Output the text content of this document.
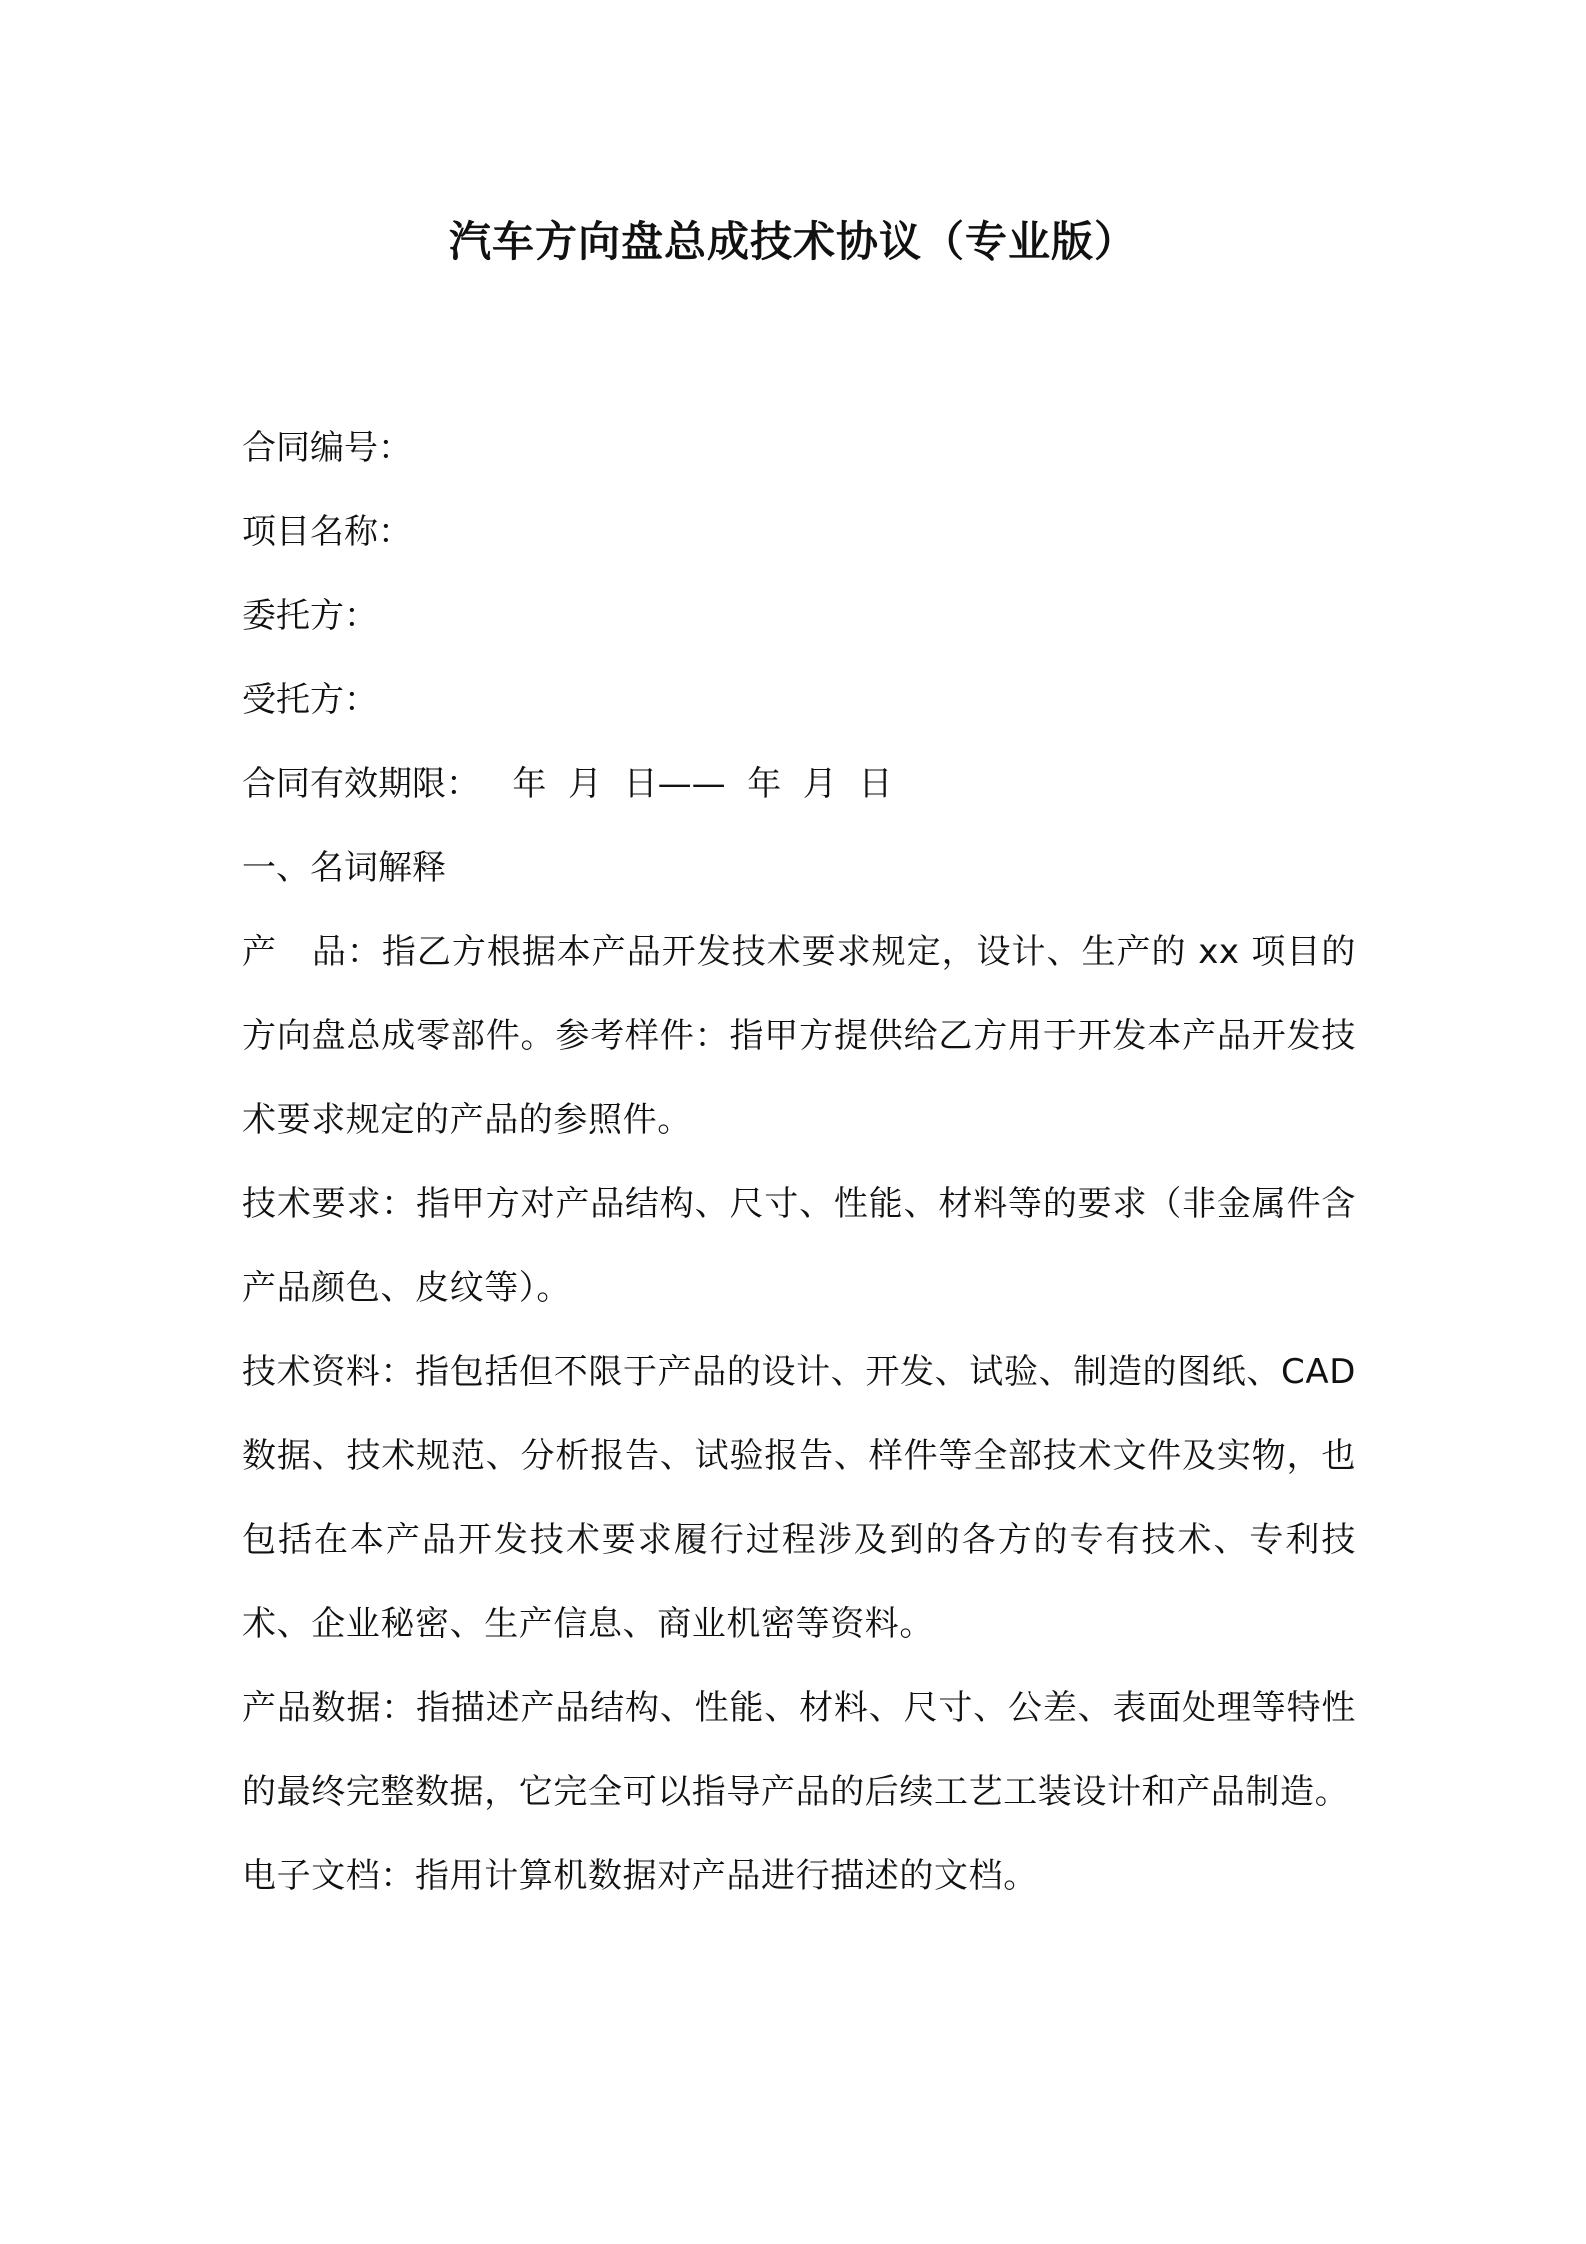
汽车方向盘总成技术协议（专业版）
合同编号：
项目名称：
委托方：
受托方：
合同有效期限：   年  月  日——  年  月  日
一、名词解释

产　品：指乙方根据本产品开发技术要求规定，设计、生产的 xx 项目的方向盘总成零部件。参考样件：指甲方提供给乙方用于开发本产品开发技术要求规定的产品的参照件。

技术要求：指甲方对产品结构、尺寸、性能、材料等的要求（非金属件含产品颜色、皮纹等）。

技术资料：指包括但不限于产品的设计、开发、试验、制造的图纸、CAD 数据、技术规范、分析报告、试验报告、样件等全部技术文件及实物，也包括在本产品开发技术要求履行过程涉及到的各方的专有技术、专利技术、企业秘密、生产信息、商业机密等资料。

产品数据：指描述产品结构、性能、材料、尺寸、公差、表面处理等特性的最终完整数据，它完全可以指导产品的后续工艺工装设计和产品制造。

电子文档：指用计算机数据对产品进行描述的文档。
